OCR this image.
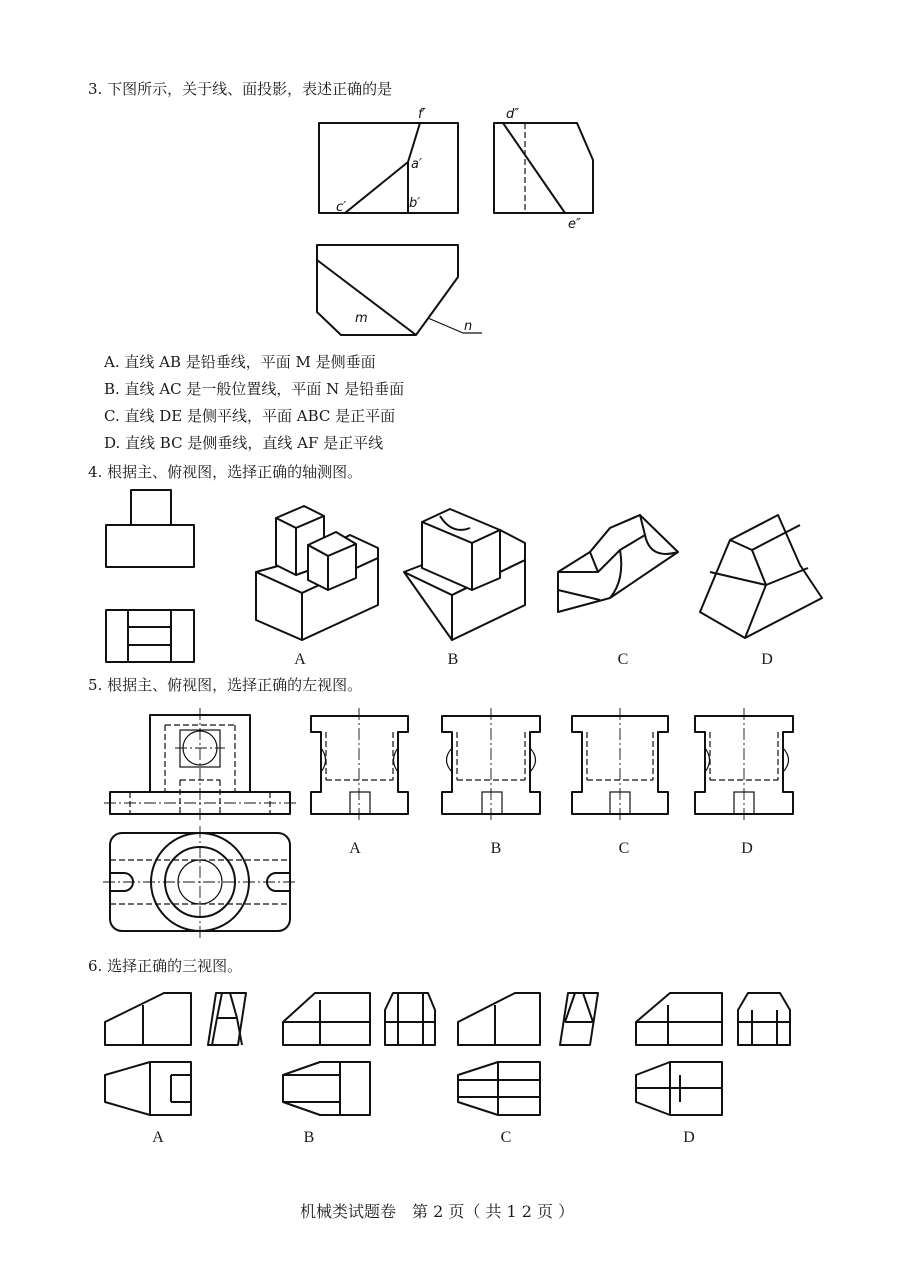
3. 下图所示，关于线、面投影，表述正确的是
f′
a′
c′	b′
d″
e″
m
n
A. 直线 AB 是铅垂线，平面 M 是侧垂面
B. 直线 AC 是一般位置线，平面 N 是铅垂面
C. 直线 DE 是侧平线，平面 ABC 是正平面
D. 直线 BC 是侧垂线，直线 AF 是正平线
4. 根据主、俯视图，选择正确的轴测图。
A	B	C	D
5. 根据主、俯视图，选择正确的左视图。
A	B	C	D
6. 选择正确的三视图。
A	B	C	D
机械类试题卷　第 2 页（ 共 1 2 页 ）
